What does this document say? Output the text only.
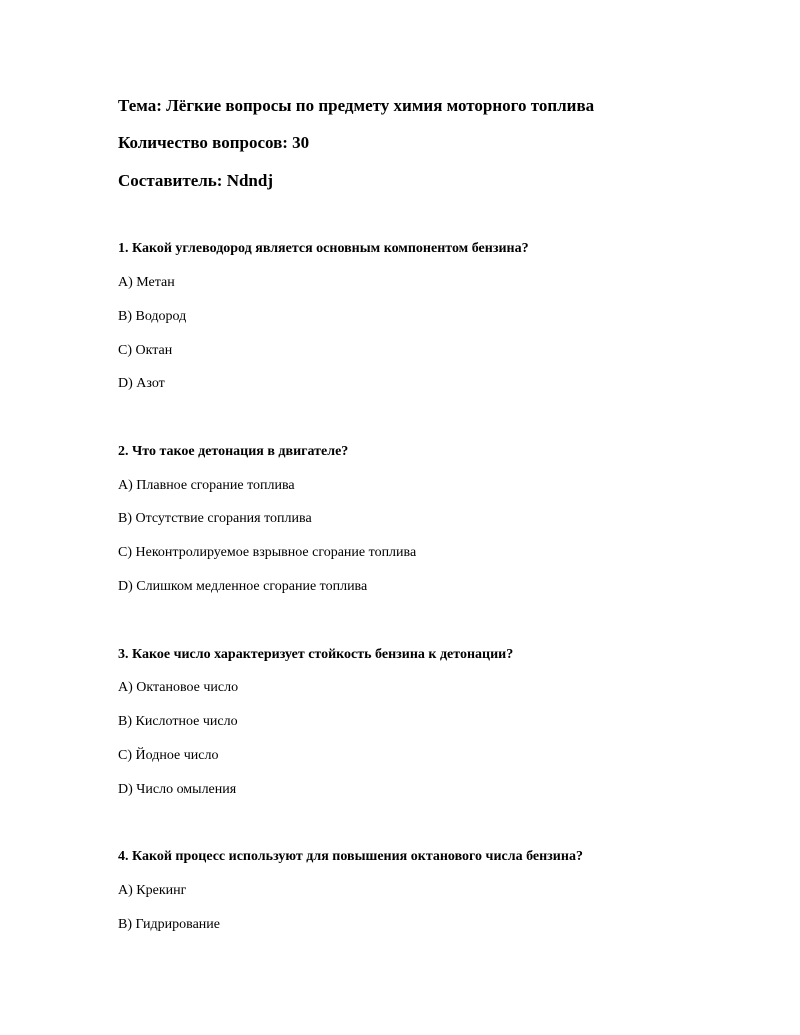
Тема: Лёгкие вопросы по предмету химия моторного топлива
Количество вопросов: 30
Составитель: Ndndj
1. Какой углеводород является основным компонентом бензина?
A) Метан
B) Водород
C) Октан
D) Азот
2. Что такое детонация в двигателе?
A) Плавное сгорание топлива
B) Отсутствие сгорания топлива
C) Неконтролируемое взрывное сгорание топлива
D) Слишком медленное сгорание топлива
3. Какое число характеризует стойкость бензина к детонации?
A) Октановое число
B) Кислотное число
C) Йодное число
D) Число омыления
4. Какой процесс используют для повышения октанового числа бензина?
A) Крекинг
B) Гидрирование
